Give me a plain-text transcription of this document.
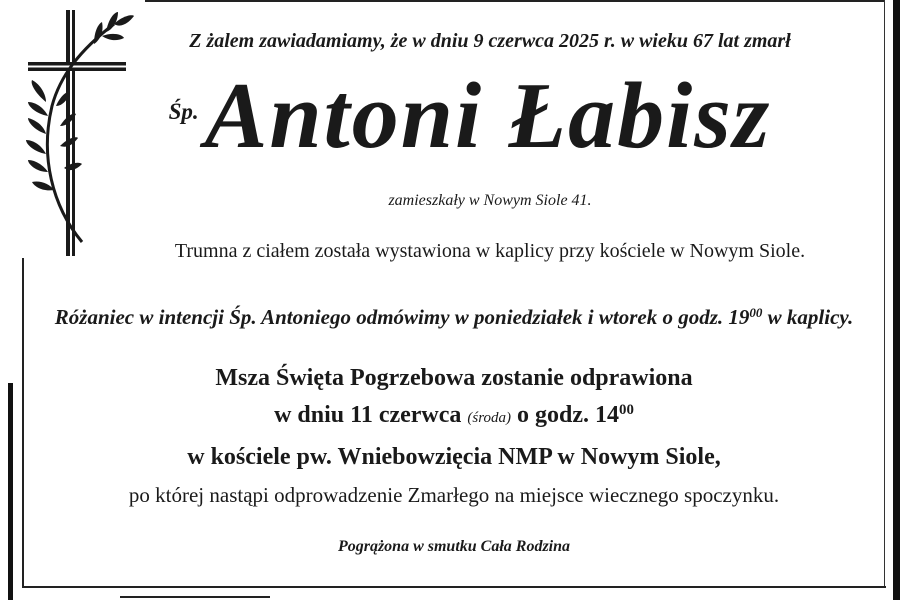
Z żalem zawiadamiamy, że w dniu 9 czerwca 2025 r. w wieku 67 lat zmarł
Śp.Antoni Łabisz
zamieszkały w Nowym Siole 41.
Trumna z ciałem została wystawiona w kaplicy przy kościele w Nowym Siole.
Różaniec w intencji Śp. Antoniego odmówimy w poniedziałek i wtorek o godz. $19^{00}$ w kaplicy.
Msza Święta Pogrzebowa zostanie odprawiona
w dniu 11 czerwca (środa) o godz. $14^{00}$
w kościele pw. Wniebowzięcia NMP w Nowym Siole,
po której nastąpi odprowadzenie Zmarłego na miejsce wiecznego spoczynku.
Pogrążona w smutku Cała Rodzina
